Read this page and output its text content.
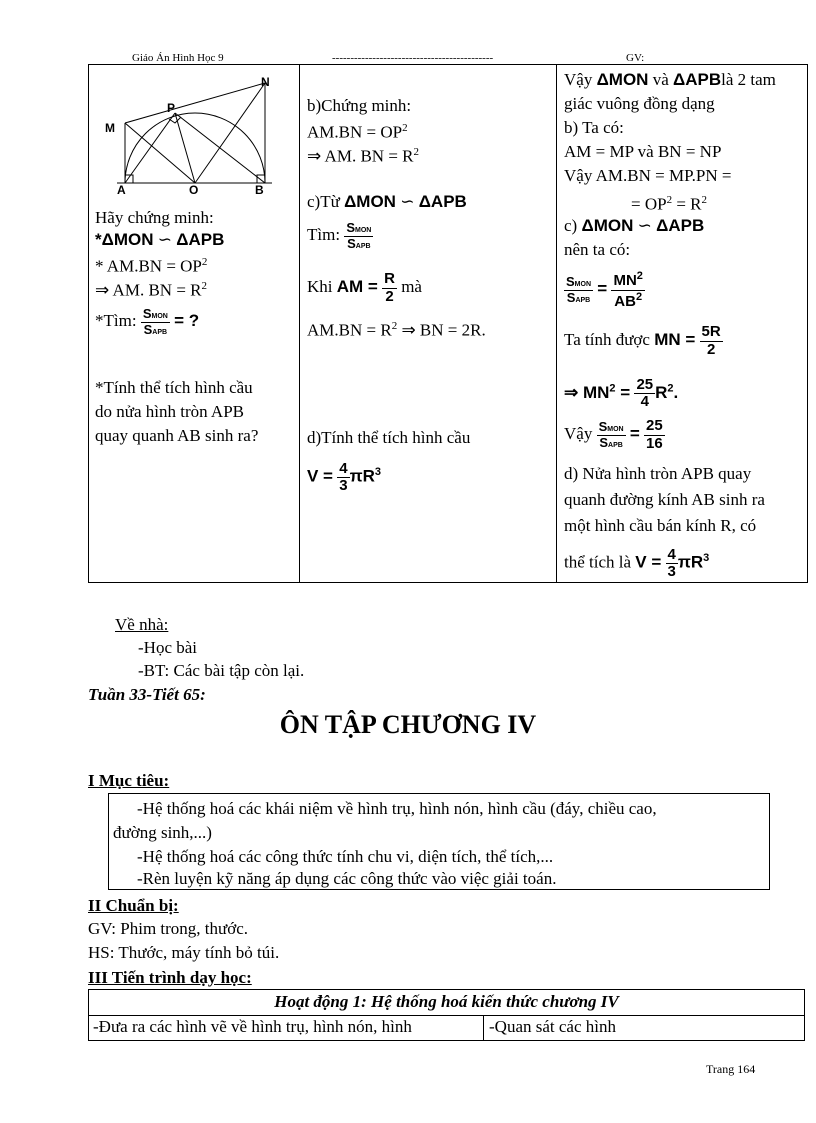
Giáo Án Hình Học 9	--------------------------------------------	GV:
N
P
M
A	O	B
Hãy chứng minh:
*ΔMON ∽ ΔAPB
* $AM.BN = OP^2$
⇒ AM. BN = $R^2$
*Tìm: $\frac{\text{SMON}}{\text{SAPB}}$ = ?
*Tính thể tích hình cầu
do nửa hình tròn APB
quay quanh AB sinh ra?
b)Chứng minh:
$AM.BN = OP^2$
⇒ AM. BN = $R^2$
c)Từ ΔMON ∽ ΔAPB
Tìm: $\frac{\text{SMON}}{\text{SAPB}}$
Khi AM = $\frac{R}{2}$ mà
$AM.BN = R^2$ ⇒ BN = 2R.
d)Tính thể tích hình cầu
$V = \frac{4}{3} \pi R^3$
Vậy ΔMON và ΔAPBlà 2 tam
giác vuông đồng dạng
b) Ta có:
AM = MP và BN = NP
Vậy AM.BN = MP.PN =
= $OP^2 = R^2$
c) ΔMON ∽ ΔAPB
nên ta có:
$\frac{\text{SMON}}{\text{SAPB}} = \frac{MN^2}{AB^2}$
Ta tính được MN = $\frac{5R}{2}$
⇒ $MN^2 = \frac{25}{4} R^2$.
Vậy $\frac{\text{SMON}}{\text{SAPB}} = \frac{25}{16}$
d) Nửa hình tròn APB quay
quanh đường kính AB sinh ra
một hình cầu bán kính R, có
thể tích là $V = \frac{4}{3} \pi R^3$
Về nhà:
-Học bài
-BT: Các bài tập còn lại.
Tuần 33-Tiết 65:
ÔN TẬP CHƯƠNG IV
I Mục tiêu:
-Hệ thống hoá các khái niệm về hình trụ, hình nón, hình cầu (đáy, chiều cao,
đường sinh,...)
-Hệ thống hoá các công thức tính chu vi, diện tích, thể tích,...
-Rèn luyện kỹ năng áp dụng các công thức vào việc giải toán.
II Chuẩn bị:
GV: Phim trong, thước.
HS: Thước, máy tính bỏ túi.
III Tiến trình dạy học:
Hoạt động 1: Hệ thống hoá kiến thức chương IV
-Đưa ra các hình vẽ về hình trụ, hình nón, hình	-Quan sát các hình
Trang 164
